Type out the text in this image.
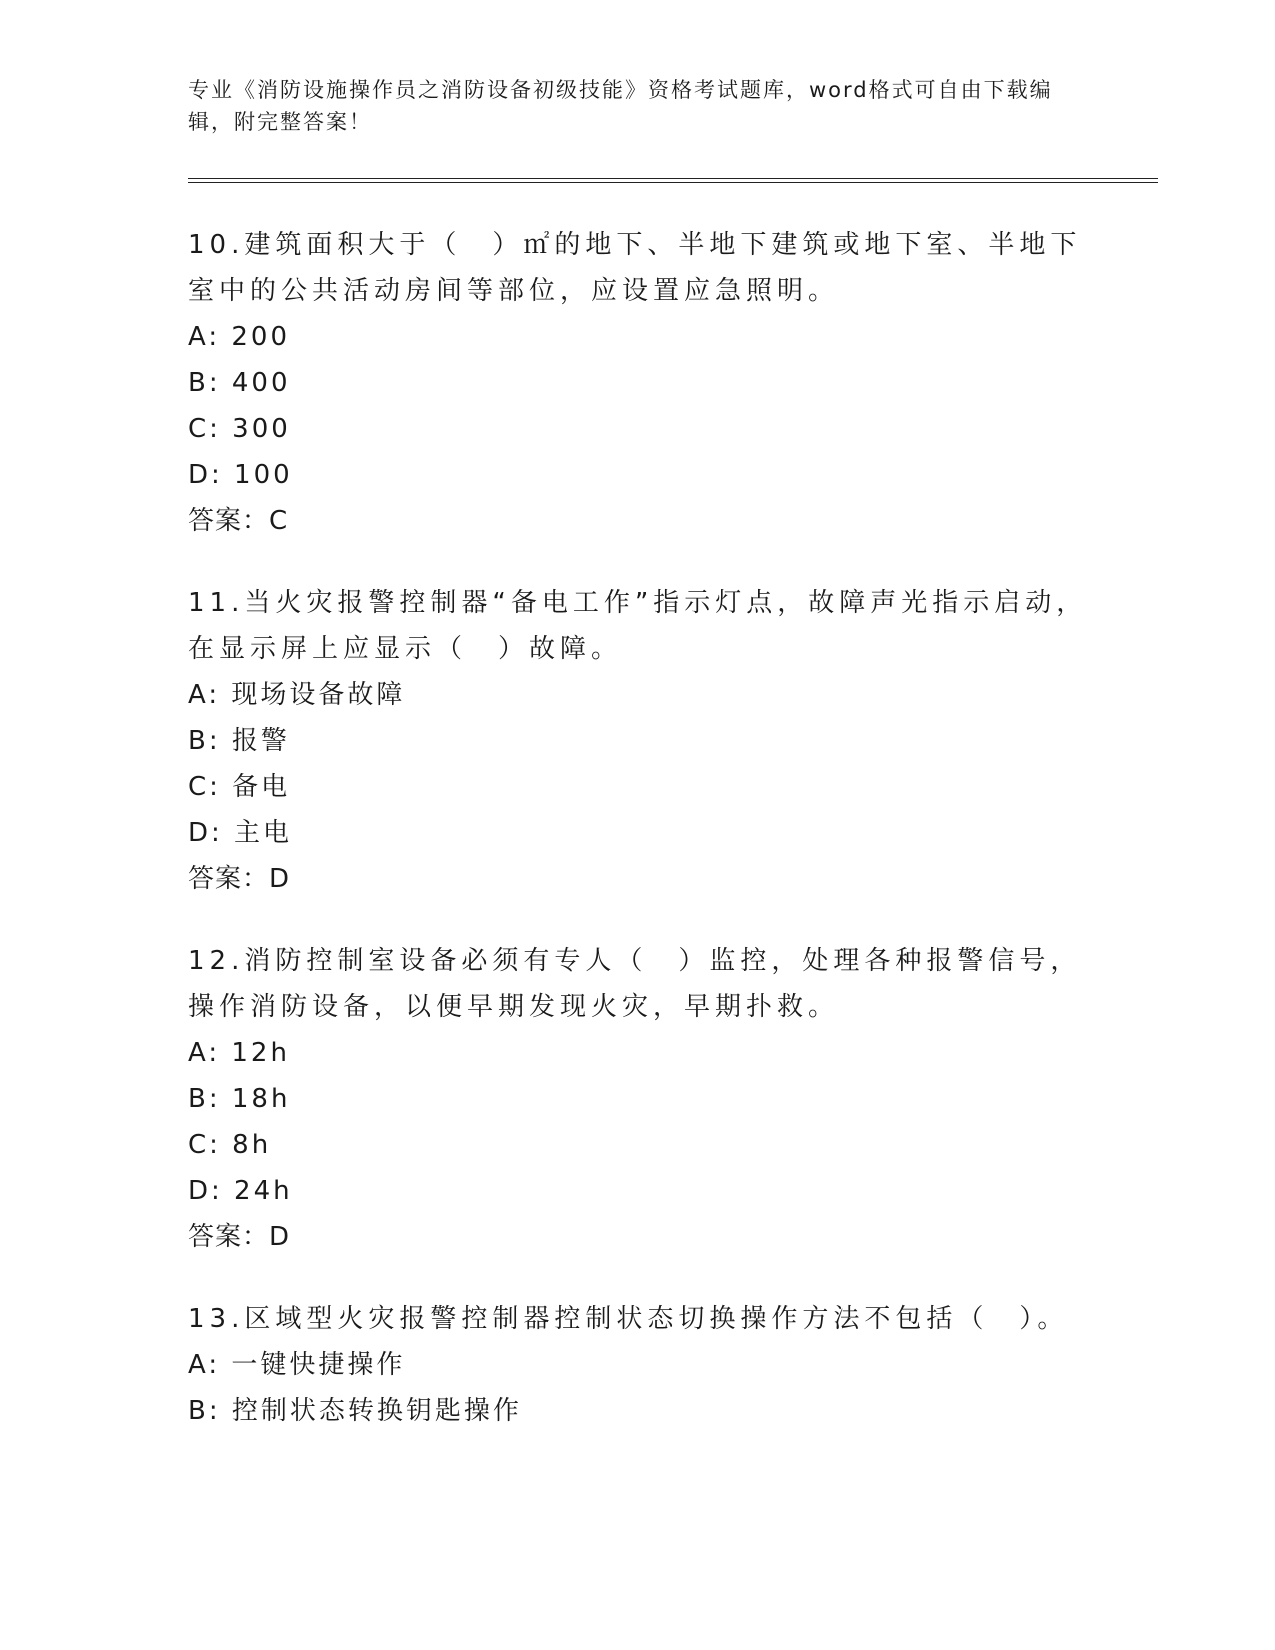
专业《消防设施操作员之消防设备初级技能》资格考试题库，word格式可自由下载编辑，附完整答案！

10.建筑面积大于（　）㎡的地下、半地下建筑或地下室、半地下室中的公共活动房间等部位，应设置应急照明。

A: 200

B: 400

C: 300

D: 100

答案：C

11.当火灾报警控制器“备电工作”指示灯点，故障声光指示启动，在显示屏上应显示（　）故障。

A: 现场设备故障

B: 报警

C: 备电

D: 主电

答案：D

12.消防控制室设备必须有专人（　）监控，处理各种报警信号，操作消防设备，以便早期发现火灾，早期扑救。

A: 12h

B: 18h

C: 8h

D: 24h

答案：D

13.区域型火灾报警控制器控制状态切换操作方法不包括（　）。

A: 一键快捷操作

B: 控制状态转换钥匙操作
